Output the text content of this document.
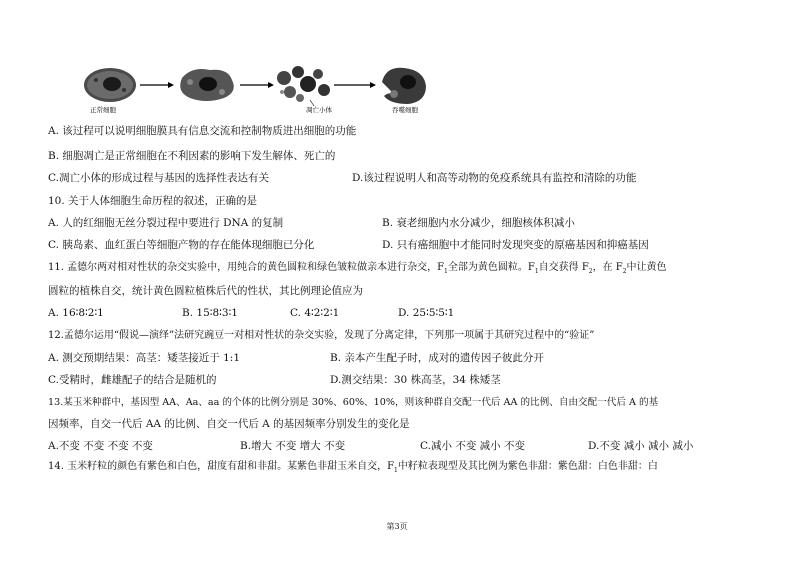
正常细胞	凋亡小体	吞噬细胞
A. 该过程可以说明细胞膜具有信息交流和控制物质进出细胞的功能
B. 细胞凋亡是正常细胞在不利因素的影响下发生解体、死亡的
C.凋亡小体的形成过程与基因的选择性表达有关	D.该过程说明人和高等动物的免疫系统具有监控和清除的功能
10. 关于人体细胞生命历程的叙述，正确的是
A. 人的红细胞无丝分裂过程中要进行 DNA 的复制	B. 衰老细胞内水分减少，细胞核体积减小
C. 胰岛素、血红蛋白等细胞产物的存在能体现细胞已分化	D. 只有癌细胞中才能同时发现突变的原癌基因和抑癌基因
11. 孟德尔两对相对性状的杂交实验中，用纯合的黄色圆粒和绿色皱粒做亲本进行杂交，$F_1$全部为黄色圆粒。$F_1$自交获得 $F_2$，在 $F_2$中让黄色
圆粒的植株自交，统计黄色圆粒植株后代的性状，其比例理论值应为
A. 16∶8∶2∶1	B. 15∶8∶3∶1	C. 4∶2∶2∶1	D. 25∶5∶5∶1
12.孟德尔运用“假说—演绎”法研究豌豆一对相对性状的杂交实验，发现了分离定律，下列那一项属于其研究过程中的“验证”
A. 测交预期结果：高茎：矮茎接近于 1:1	B. 亲本产生配子时，成对的遗传因子彼此分开
C.受精时，雌雄配子的结合是随机的	D.测交结果：30 株高茎，34 株矮茎
13.某玉米种群中，基因型 AA、Aa、aa 的个体的比例分别是 30%、60%、10%，则该种群自交配一代后 AA 的比例、自由交配一代后 A 的基
因频率，自交一代后 AA 的比例、自交一代后 A 的基因频率分别发生的变化是
A.不变 不变 不变 不变	B.增大 不变 增大 不变	C.减小 不变 减小 不变	D.不变 减小 减小 减小
14. 玉米籽粒的颜色有紫色和白色，甜度有甜和非甜。某紫色非甜玉米自交，$F_1$中籽粒表现型及其比例为紫色非甜：紫色甜：白色非甜：白
第3页
